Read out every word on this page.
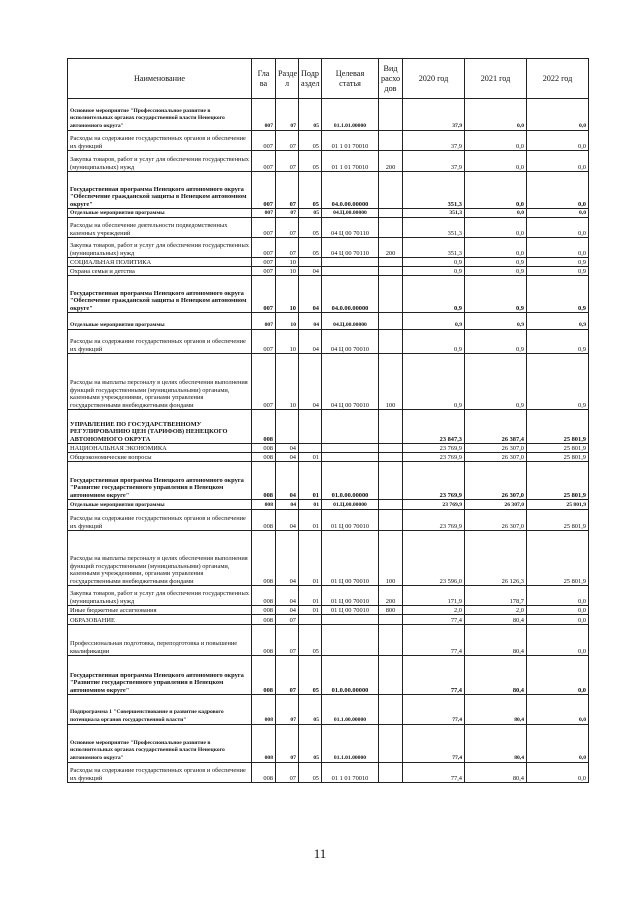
Наименование	Гла ва	Разде л	Подр аздел	Целевая статья	Вид расхо дов	2020 год	2021 год	2022 год
Основное мероприятие "Профессиональное развитие в исполнительных органах государственной власти Ненецкого автономного округа"	007	07	05	01.1.01.00000		37,9	0,0	0,0
Расходы на содержание государственных органов и обеспечение их функций	007	07	05	01 1 01 70010		37,9	0,0	0,0
Закупка товаров, работ и услуг для обеспечения государственных (муниципальных) нужд	007	07	05	01 1 01 70010	200	37,9	0,0	0,0
Государственная программа Ненецкого автономного округа "Обеспечение гражданской защиты в Ненецком автономном округе"	007	07	05	04.0.00.00000		351,3	0,0	0,0
Отдельные мероприятия программы	007	07	05	04.Ц.00.00000		351,3	0,0	0,0
Расходы на обеспечение деятельности подведомственных казенных учреждений	007	07	05	04 Ц 00 70110		351,3	0,0	0,0
Закупка товаров, работ и услуг для обеспечения государственных (муниципальных) нужд	007	07	05	04 Ц 00 70110	200	351,3	0,0	0,0
СОЦИАЛЬНАЯ ПОЛИТИКА	007	10				0,9	0,9	0,9
Охрана семьи и детства	007	10	04			0,9	0,9	0,9
Государственная программа Ненецкого автономного округа "Обеспечение гражданской защиты в Ненецком автономном округе"	007	10	04	04.0.00.00000		0,9	0,9	0,9
Отдельные мероприятия программы	007	10	04	04.Ц.00.00000		0,9	0,9	0,9
Расходы на содержание государственных органов и обеспечение их функций	007	10	04	04 Ц 00 70010		0,9	0,9	0,9
Расходы на выплаты персоналу в целях обеспечения выполнения функций государственными (муниципальными) органами, казенными учреждениями, органами управления государственными внебюджетными фондами	007	10	04	04 Ц 00 70010	100	0,9	0,9	0,9
УПРАВЛЕНИЕ ПО ГОСУДАРСТВЕННОМУ РЕГУЛИРОВАНИЮ ЦЕН (ТАРИФОВ) НЕНЕЦКОГО АВТОНОМНОГО ОКРУГА	008					23 847,3	26 387,4	25 801,9
НАЦИОНАЛЬНАЯ ЭКОНОМИКА	008	04				23 769,9	26 307,0	25 801,9
Общеэкономические вопросы	008	04	01			23 769,9	26 307,0	25 801,9
Государственная программа Ненецкого автономного округа "Развитие государственного управления в Ненецком автономном округе"	008	04	01	01.0.00.00000		23 769,9	26 307,0	25 801,9
Отдельные мероприятия программы	008	04	01	01.Ц.00.00000		23 769,9	26 307,0	25 801,9
Расходы на содержание государственных органов и обеспечение их функций	008	04	01	01 Ц 00 70010		23 769,9	26 307,0	25 801,9
Расходы на выплаты персоналу в целях обеспечения выполнения функций государственными (муниципальными) органами, казенными учреждениями, органами управления государственными внебюджетными фондами	008	04	01	01 Ц 00 70010	100	23 596,0	26 126,3	25 801,9
Закупка товаров, работ и услуг для обеспечения государственных (муниципальных) нужд	008	04	01	01 Ц 00 70010	200	171,9	178,7	0,0
Иные бюджетные ассигнования	008	04	01	01 Ц 00 70010	800	2,0	2,0	0,0
ОБРАЗОВАНИЕ	008	07				77,4	80,4	0,0
Профессиональная подготовка, переподготовка и повышение квалификации	008	07	05			77,4	80,4	0,0
Государственная программа Ненецкого автономного округа "Развитие государственного управления в Ненецком автономном округе"	008	07	05	01.0.00.00000		77,4	80,4	0,0
Подпрограмма 1 "Совершенствование и развитие кадрового потенциала органов государственной власти"	008	07	05	01.1.00.00000		77,4	80,4	0,0
Основное мероприятие "Профессиональное развитие в исполнительных органах государственной власти Ненецкого автономного округа"	008	07	05	01.1.01.00000		77,4	80,4	0,0
Расходы на содержание государственных органов и обеспечение их функций	008	07	05	01 1 01 70010		77,4	80,4	0,0
11
